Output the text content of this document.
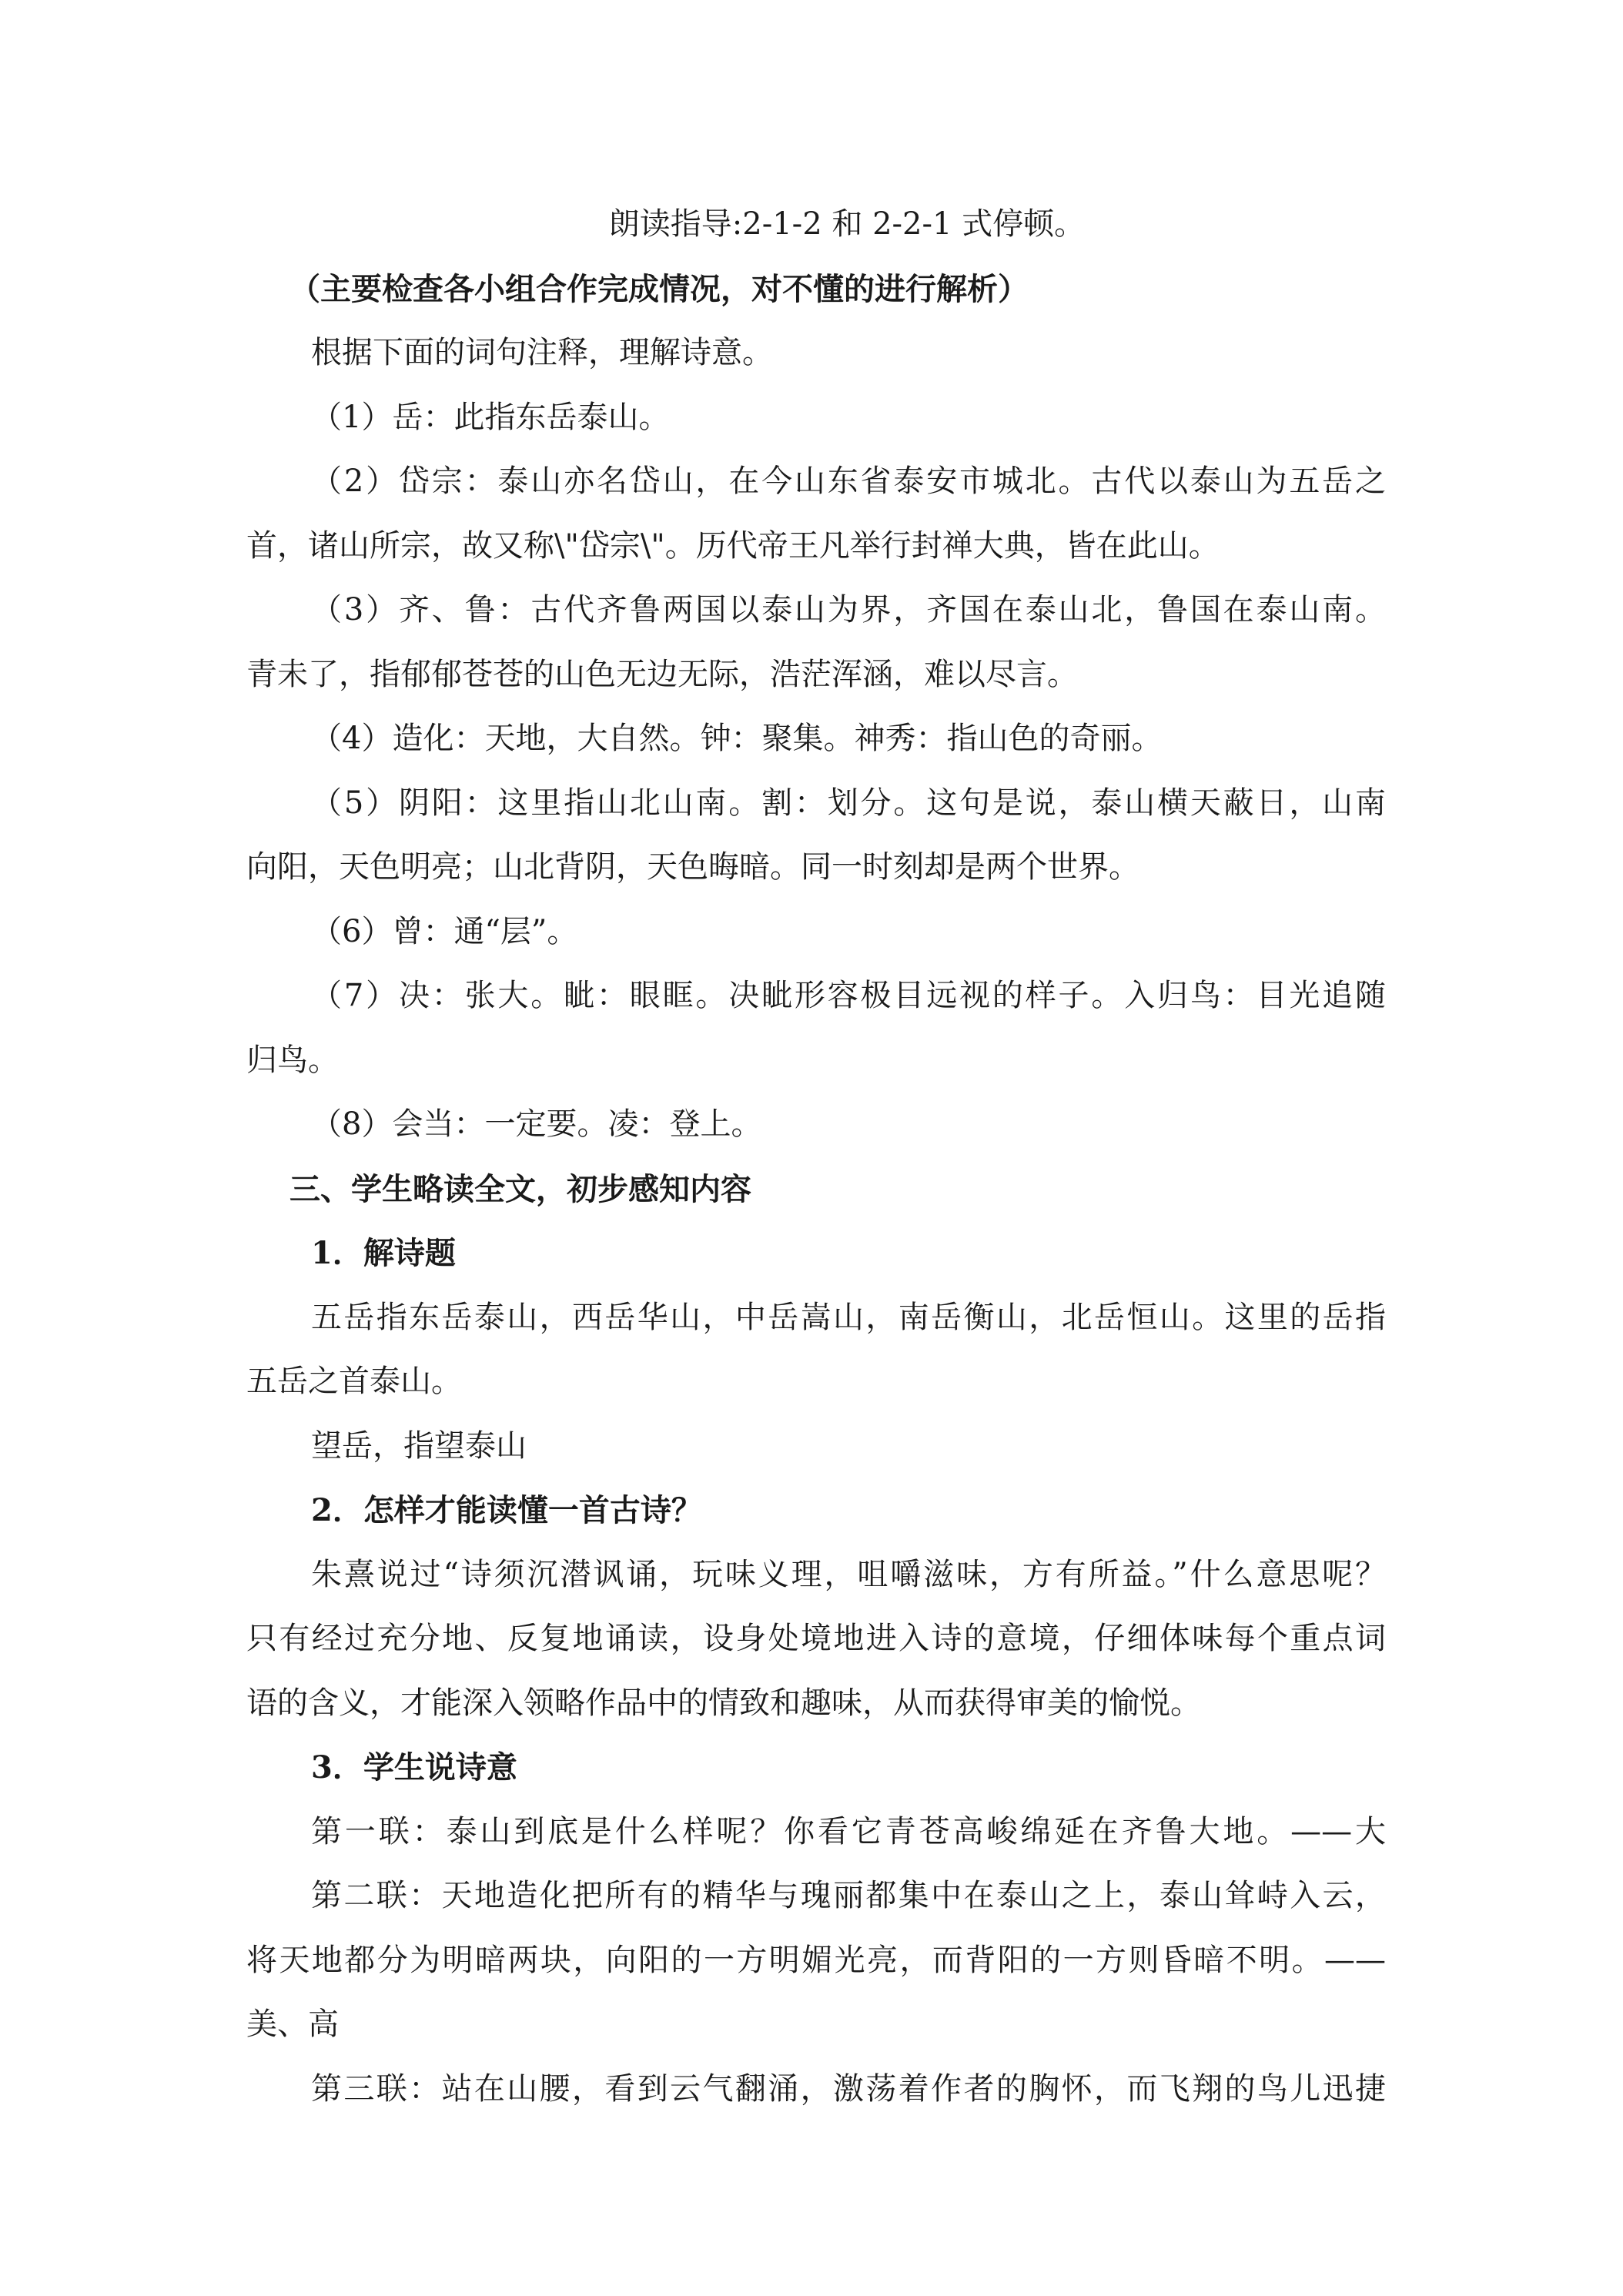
朗读指导:2-1-2 和 2-2-1 式停顿。

（主要检查各小组合作完成情况，对不懂的进行解析）

根据下面的词句注释，理解诗意。

（1）岳：此指东岳泰山。

（2）岱宗：泰山亦名岱山，在今山东省泰安市城北。古代以泰山为五岳之

首，诸山所宗，故又称\"岱宗\"。历代帝王凡举行封禅大典，皆在此山。

（3）齐、鲁：古代齐鲁两国以泰山为界，齐国在泰山北，鲁国在泰山南。

青未了，指郁郁苍苍的山色无边无际，浩茫浑涵，难以尽言。

（4）造化：天地，大自然。钟：聚集。神秀：指山色的奇丽。

（5）阴阳：这里指山北山南。割：划分。这句是说，泰山横天蔽日，山南

向阳，天色明亮；山北背阴，天色晦暗。同一时刻却是两个世界。

（6）曾：通“层”。

（7）决：张大。眦：眼眶。决眦形容极目远视的样子。入归鸟：目光追随

归鸟。

（8）会当：一定要。凌：登上。

三、学生略读全文，初步感知内容

1．解诗题

五岳指东岳泰山，西岳华山，中岳嵩山，南岳衡山，北岳恒山。这里的岳指

五岳之首泰山。

望岳，指望泰山

2．怎样才能读懂一首古诗？

朱熹说过“诗须沉潜讽诵，玩味义理，咀嚼滋味，方有所益。”什么意思呢？

只有经过充分地、反复地诵读，设身处境地进入诗的意境，仔细体味每个重点词

语的含义，才能深入领略作品中的情致和趣味，从而获得审美的愉悦。

3．学生说诗意

第一联：泰山到底是什么样呢？你看它青苍高峻绵延在齐鲁大地。——大

第二联：天地造化把所有的精华与瑰丽都集中在泰山之上，泰山耸峙入云，

将天地都分为明暗两块，向阳的一方明媚光亮，而背阳的一方则昏暗不明。——

美、高

第三联：站在山腰，看到云气翻涌，激荡着作者的胸怀，而飞翔的鸟儿迅捷
